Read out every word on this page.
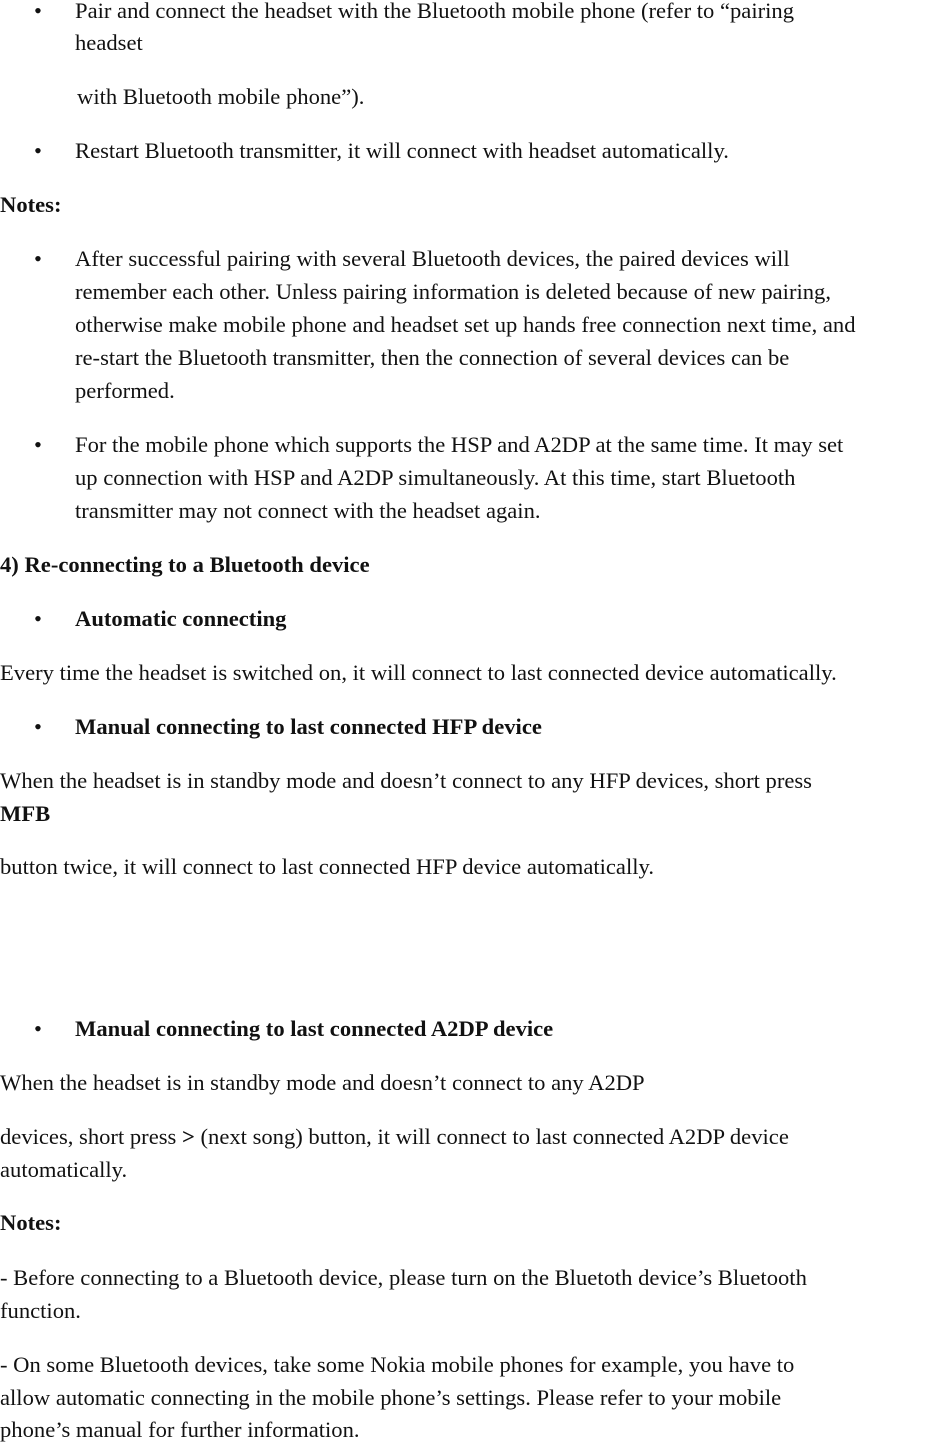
• Pair and connect the headset with the Bluetooth mobile phone (refer to “pairing

headset

with Bluetooth mobile phone”).

• Restart Bluetooth transmitter, it will connect with headset automatically.

Notes:

• After successful pairing with several Bluetooth devices, the paired devices will

remember each other. Unless pairing information is deleted because of new pairing,

otherwise make mobile phone and headset set up hands free connection next time, and

re-start the Bluetooth transmitter, then the connection of several devices can be

performed.

• For the mobile phone which supports the HSP and A2DP at the same time. It may set

up connection with HSP and A2DP simultaneously. At this time, start Bluetooth

transmitter may not connect with the headset again.

4) Re-connecting to a Bluetooth device

• Automatic connecting

Every time the headset is switched on, it will connect to last connected device automatically.

• Manual connecting to last connected HFP device

When the headset is in standby mode and doesn’t connect to any HFP devices, short press

MFB

button twice, it will connect to last connected HFP device automatically.

• Manual connecting to last connected A2DP device

When the headset is in standby mode and doesn’t connect to any A2DP

devices, short press > (next song) button, it will connect to last connected A2DP device

automatically.

Notes:

- Before connecting to a Bluetooth device, please turn on the Bluetoth device’s Bluetooth

function.

- On some Bluetooth devices, take some Nokia mobile phones for example, you have to

allow automatic connecting in the mobile phone’s settings. Please refer to your mobile

phone’s manual for further information.
